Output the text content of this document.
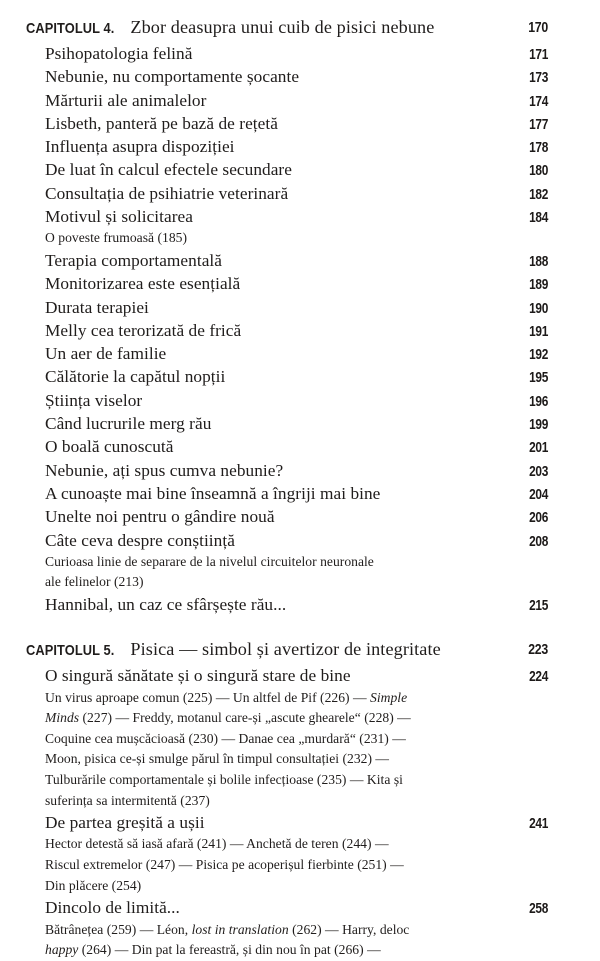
CAPITOLUL 4. Zbor deasupra unui cuib de pisici nebune	170
Psihopatologia felină	171
Nebunie, nu comportamente șocante	173
Mărturii ale animalelor	174
Lisbeth, panteră pe bază de rețetă	177
Influența asupra dispoziției	178
De luat în calcul efectele secundare	180
Consultația de psihiatrie veterinară	182
Motivul și solicitarea	184
O poveste frumoasă (185)
Terapia comportamentală	188
Monitorizarea este esențială	189
Durata terapiei	190
Melly cea terorizată de frică	191
Un aer de familie	192
Călătorie la capătul nopții	195
Știința viselor	196
Când lucrurile merg rău	199
O boală cunoscută	201
Nebunie, ați spus cumva nebunie?	203
A cunoaște mai bine înseamnă a îngriji mai bine	204
Unelte noi pentru o gândire nouă	206
Câte ceva despre conștiință	208
Curioasa linie de separare de la nivelul circuitelor neuronale
ale felinelor (213)
Hannibal, un caz ce sfârșește rău...	215
CAPITOLUL 5. Pisica — simbol și avertizor de integritate	223
O singură sănătate și o singură stare de bine	224
Un virus aproape comun (225) — Un altfel de Pif (226) — Simple
Minds (227) — Freddy, motanul care-și „ascute ghearele“ (228) —
Coquine cea mușcăcioasă (230) — Danae cea „murdară“ (231) —
Moon, pisica ce-și smulge părul în timpul consultației (232) —
Tulburările comportamentale și bolile infecțioase (235) — Kita și
suferința sa intermitentă (237)
De partea greșită a ușii	241
Hector detestă să iasă afară (241) — Anchetă de teren (244) —
Riscul extremelor (247) — Pisica pe acoperișul fierbinte (251) —
Din plăcere (254)
Dincolo de limită...	258
Bătrânețea (259) — Léon, lost in translation (262) — Harry, deloc
happy (264) — Din pat la fereastră, și din nou în pat (266) —
